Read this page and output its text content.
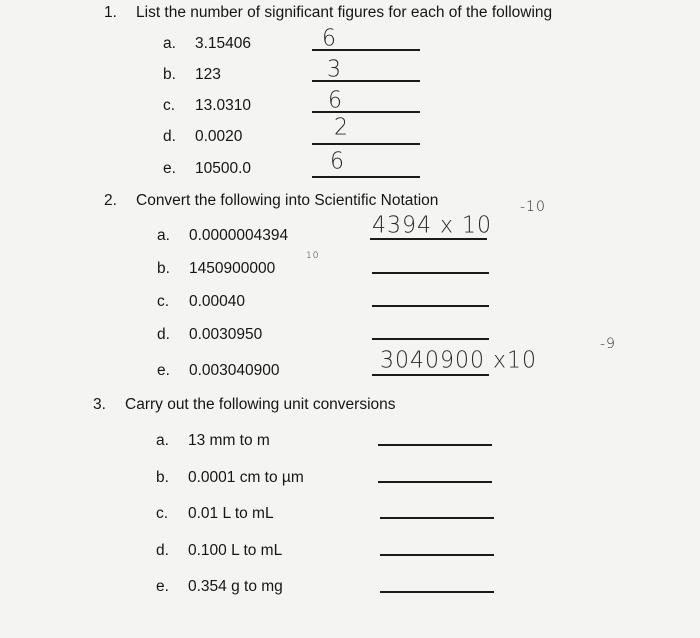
1. List the number of significant figures for each of the following
a. 3.15406	6
b. 123	3
c. 13.0310	6
d. 0.0020	2
e. 10500.0	6
2. Convert the following into Scientific Notation
a. 0.0000004394	4394 x 10
-10
b. 1450900000
10
c. 0.00040
d. 0.0030950
e. 0.003040900	3040900 x10
-9
3. Carry out the following unit conversions
a. 13 mm to m
b. 0.0001 cm to µm
c. 0.01 L to mL
d. 0.100 L to mL
e. 0.354 g to mg
